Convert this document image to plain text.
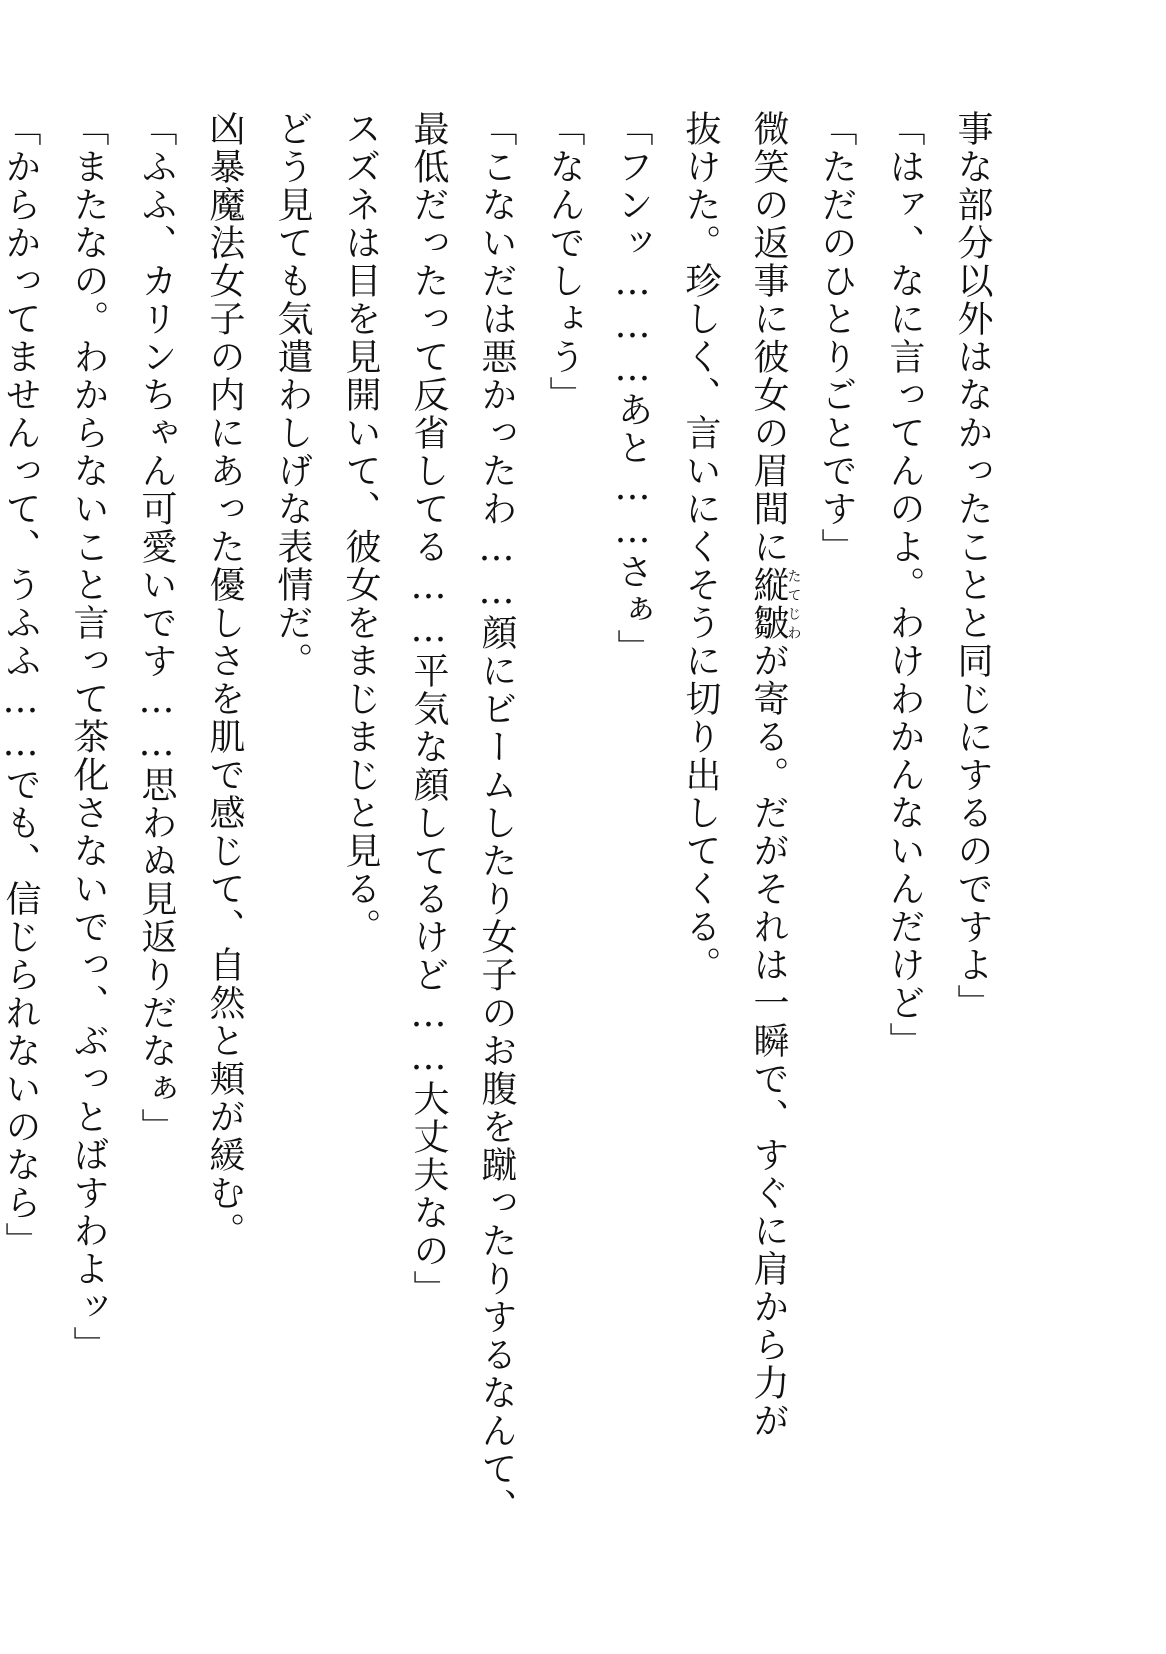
事な部分以外はなかったことと同じにするのですよ」
「はァ、なに言ってんのよ。わけわかんないんだけど」
「ただのひとりごとです」
微笑の返事に彼女の眉間に縦皺たてじわが寄る。だがそれは一瞬で、すぐに肩から力が
抜けた。珍しく、言いにくそうに切り出してくる。
「フンッ………あと……さぁ」
「なんでしょう」
「こないだは悪かったわ……顔にビームしたり女子のお腹を蹴ったりするなんて、
最低だったって反省してる……平気な顔してるけど……大丈夫なの」
スズネは目を見開いて、彼女をまじまじと見る。
どう見ても気遣わしげな表情だ。
凶暴魔法女子の内にあった優しさを肌で感じて、自然と頬が緩む。
「ふふ、カリンちゃん可愛いです……思わぬ見返りだなぁ」
「またなの。わからないこと言って茶化さないでっ、ぶっとばすわよッ」
「からかってませんって、うふふ……でも、信じられないのなら」
